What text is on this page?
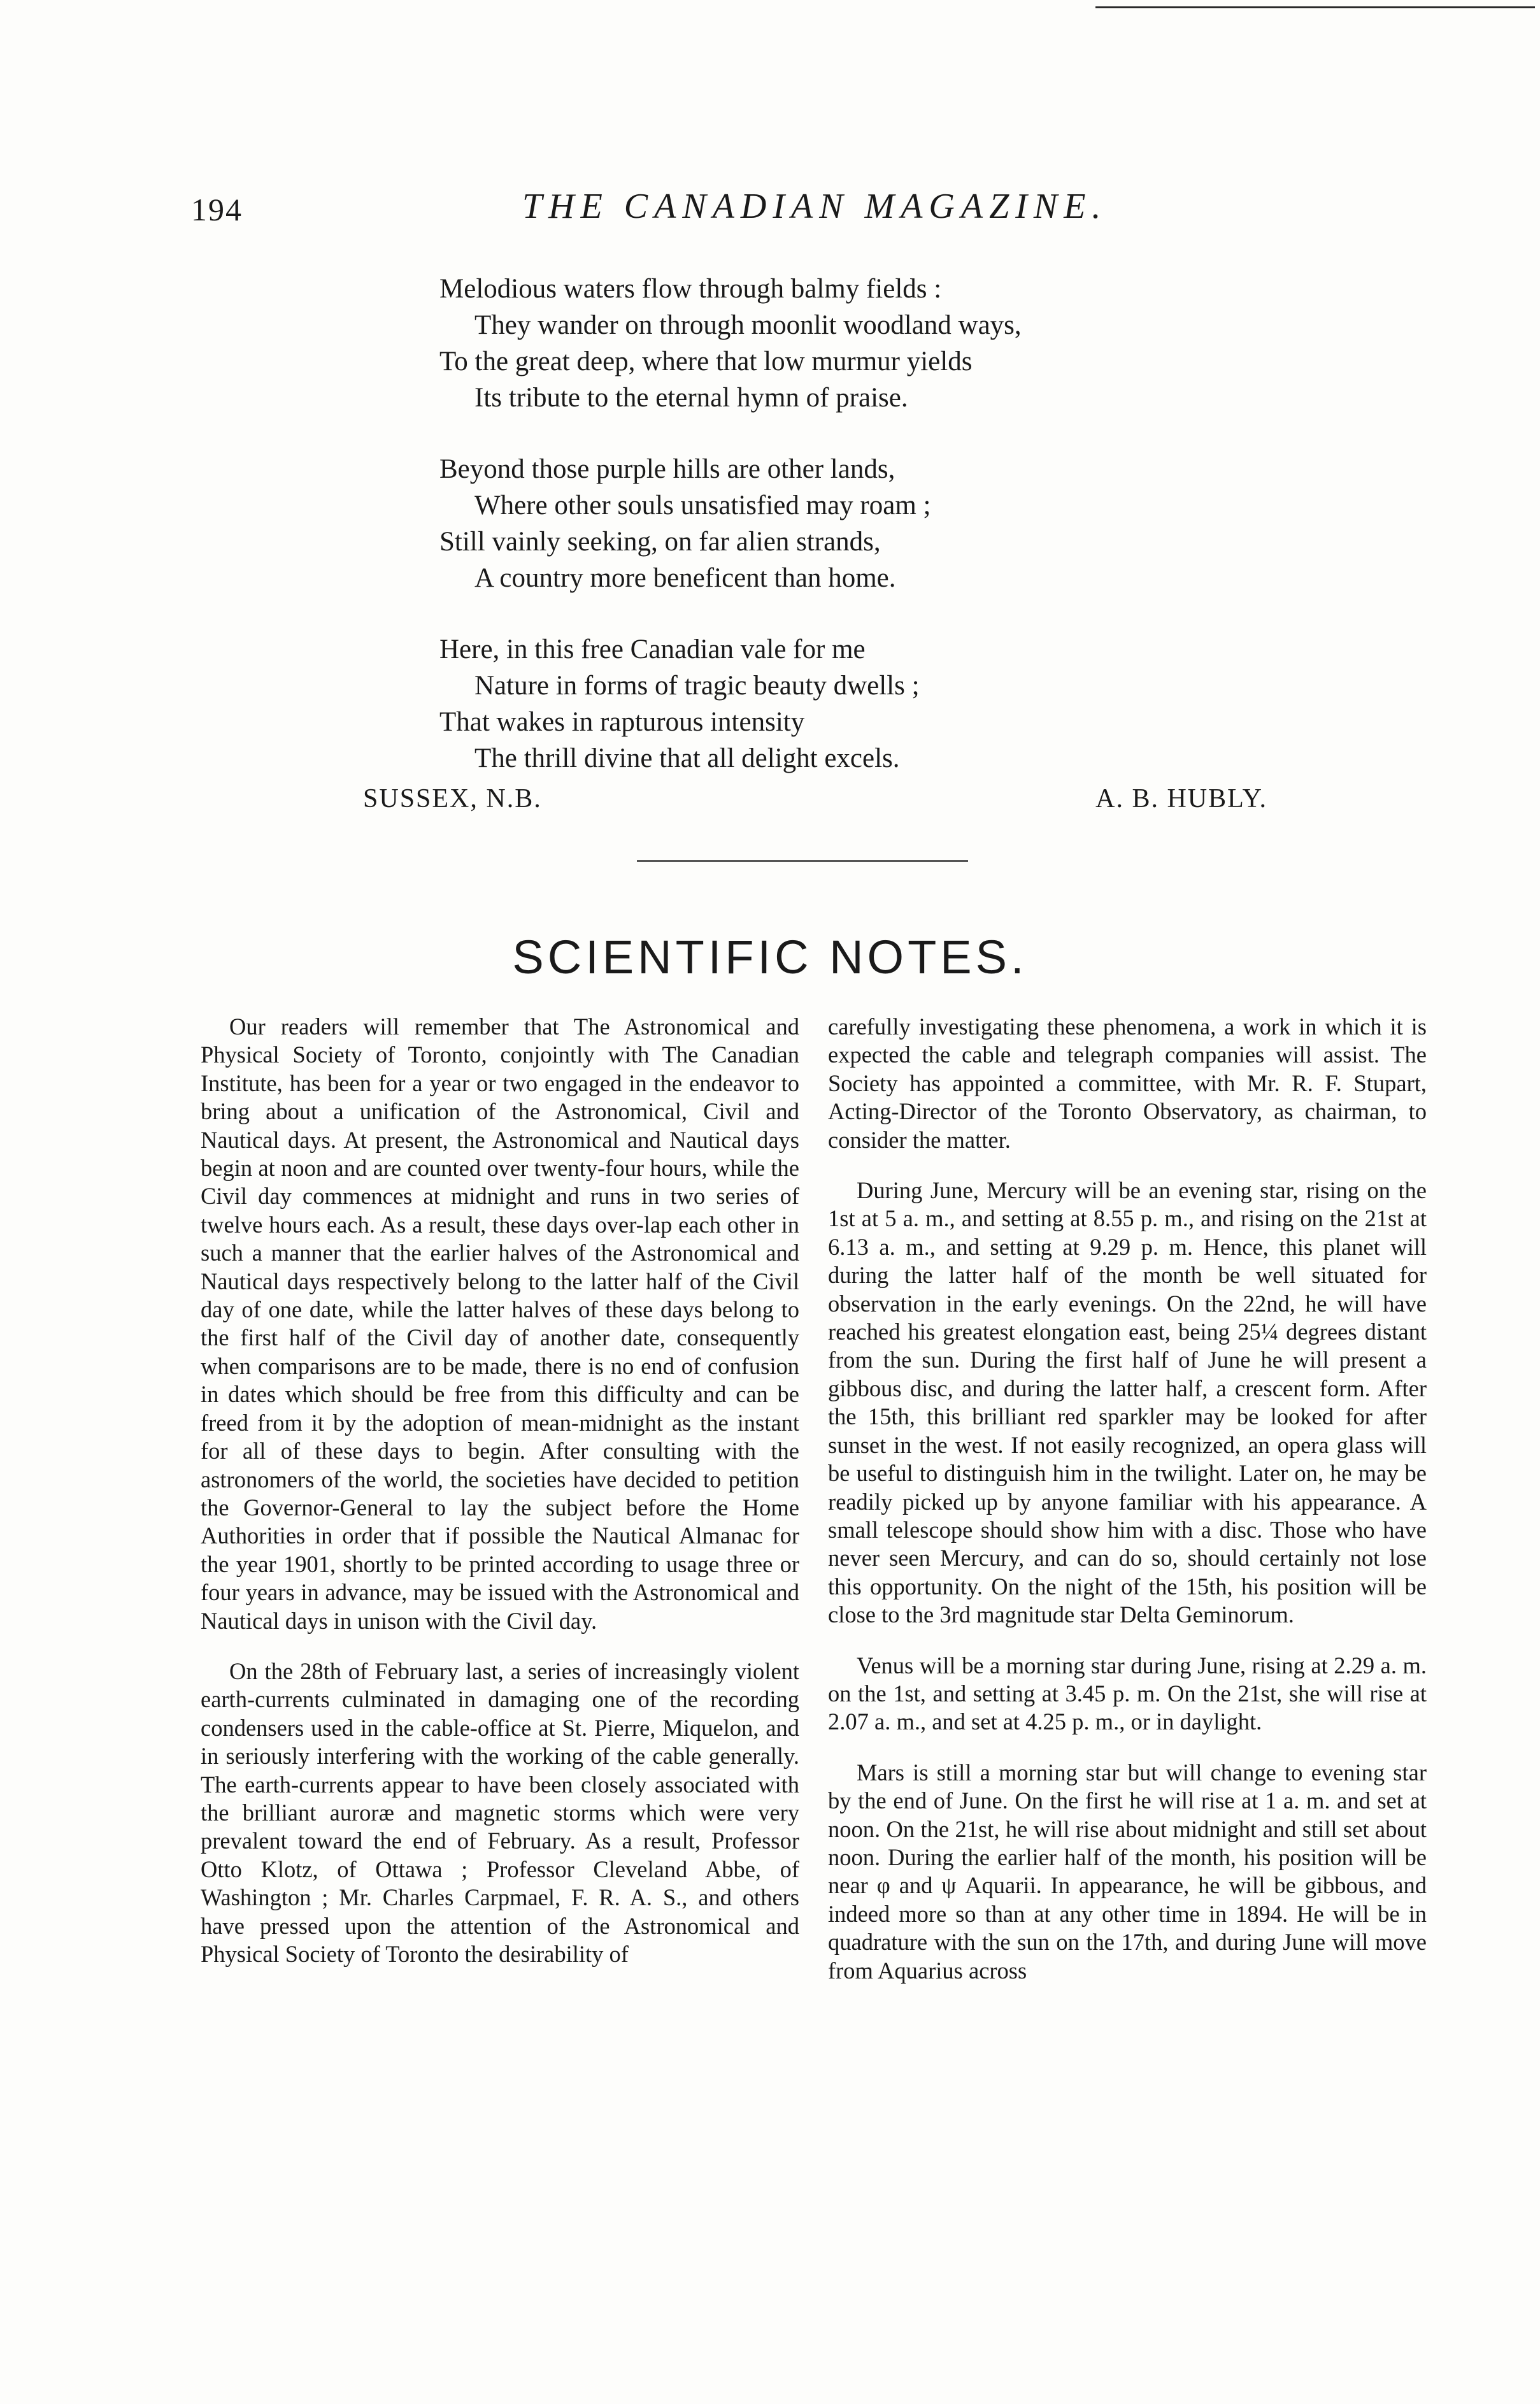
194	THE CANADIAN MAGAZINE.
Melodious waters flow through balmy fields :
They wander on through moonlit woodland ways,
To the great deep, where that low murmur yields
Its tribute to the eternal hymn of praise.
Beyond those purple hills are other lands,
Where other souls unsatisfied may roam ;
Still vainly seeking, on far alien strands,
A country more beneficent than home.
Here, in this free Canadian vale for me
Nature in forms of tragic beauty dwells ;
That wakes in rapturous intensity
The thrill divine that all delight excels.
SUSSEX, N.B.	A. B. HUBLY.
SCIENTIFIC NOTES.

Our readers will remember that The Astronomical and Physical Society of Toronto, conjointly with The Canadian Institute, has been for a year or two engaged in the endeavor to bring about a unification of the Astronomical, Civil and Nautical days. At present, the Astronomical and Nautical days begin at noon and are counted over twenty-four hours, while the Civil day commences at midnight and runs in two series of twelve hours each. As a result, these days over-lap each other in such a manner that the earlier halves of the Astronomical and Nautical days respectively belong to the latter half of the Civil day of one date, while the latter halves of these days belong to the first half of the Civil day of another date, consequently when comparisons are to be made, there is no end of confusion in dates which should be free from this difficulty and can be freed from it by the adoption of mean-midnight as the instant for all of these days to begin. After consulting with the astronomers of the world, the societies have decided to petition the Governor-General to lay the subject before the Home Authorities in order that if possible the Nautical Almanac for the year 1901, shortly to be printed according to usage three or four years in advance, may be issued with the Astronomical and Nautical days in unison with the Civil day.

On the 28th of February last, a series of increasingly violent earth-currents culminated in damaging one of the recording condensers used in the cable-office at St. Pierre, Miquelon, and in seriously interfering with the working of the cable generally. The earth-currents appear to have been closely associated with the brilliant auroræ and magnetic storms which were very prevalent toward the end of February. As a result, Professor Otto Klotz, of Ottawa ; Professor Cleveland Abbe, of Washington ; Mr. Charles Carpmael, F. R. A. S., and others have pressed upon the attention of the Astronomical and Physical Society of Toronto the desirability of

carefully investigating these phenomena, a work in which it is expected the cable and telegraph companies will assist. The Society has appointed a committee, with Mr. R. F. Stupart, Acting-Director of the Toronto Observatory, as chairman, to consider the matter.

During June, Mercury will be an evening star, rising on the 1st at 5 a. m., and setting at 8.55 p. m., and rising on the 21st at 6.13 a. m., and setting at 9.29 p. m. Hence, this planet will during the latter half of the month be well situated for observation in the early evenings. On the 22nd, he will have reached his greatest elongation east, being 25¼ degrees distant from the sun. During the first half of June he will present a gibbous disc, and during the latter half, a crescent form. After the 15th, this brilliant red sparkler may be looked for after sunset in the west. If not easily recognized, an opera glass will be useful to distinguish him in the twilight. Later on, he may be readily picked up by anyone familiar with his appearance. A small telescope should show him with a disc. Those who have never seen Mercury, and can do so, should certainly not lose this opportunity. On the night of the 15th, his position will be close to the 3rd magnitude star Delta Geminorum.

Venus will be a morning star during June, rising at 2.29 a. m. on the 1st, and setting at 3.45 p. m. On the 21st, she will rise at 2.07 a. m., and set at 4.25 p. m., or in daylight.

Mars is still a morning star but will change to evening star by the end of June. On the first he will rise at 1 a. m. and set at noon. On the 21st, he will rise about midnight and still set about noon. During the earlier half of the month, his position will be near φ and ψ Aquarii. In appearance, he will be gibbous, and indeed more so than at any other time in 1894. He will be in quadrature with the sun on the 17th, and during June will move from Aquarius across
